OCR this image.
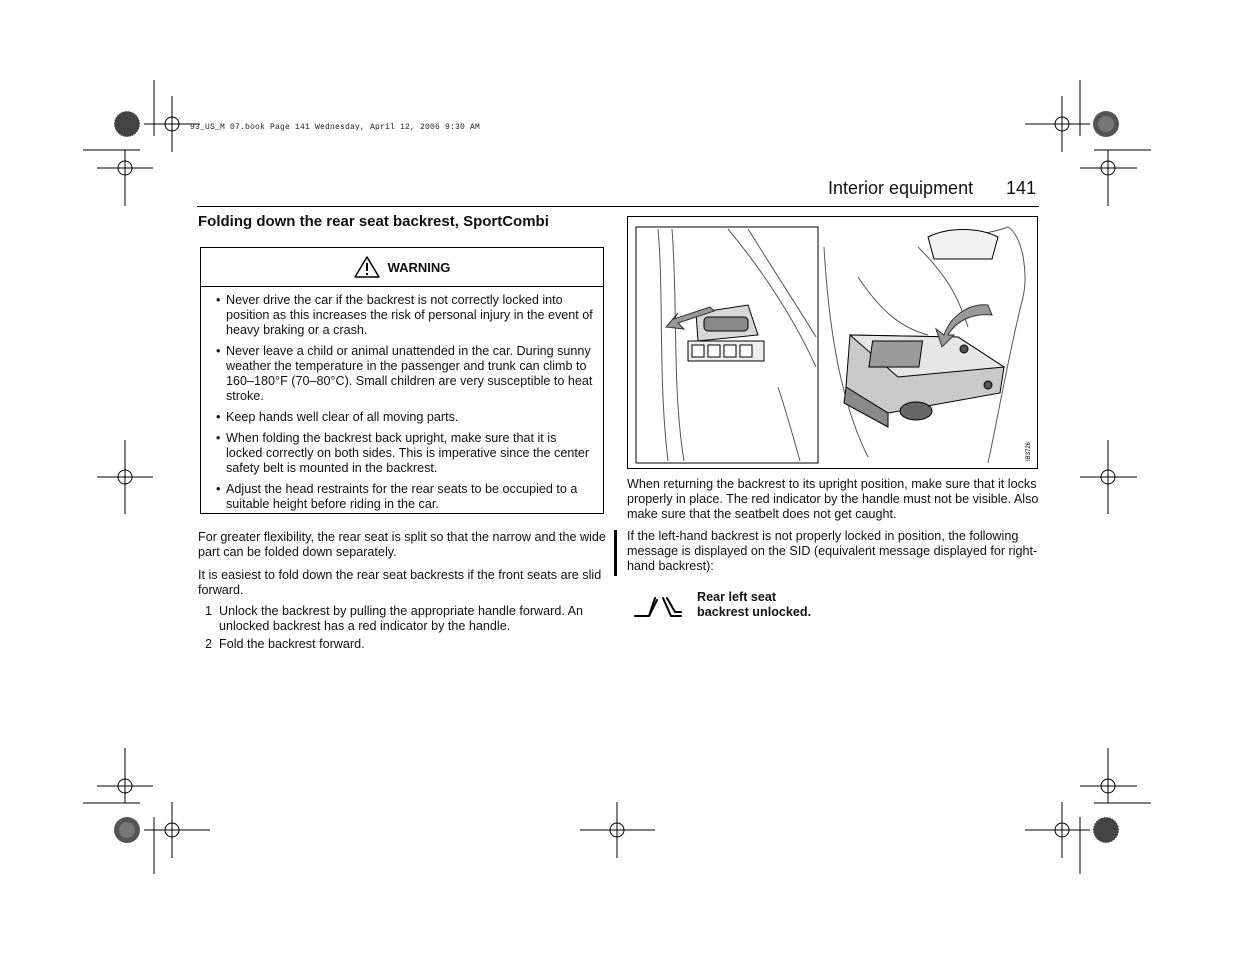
93_US_M 07.book Page 141 Wednesday, April 12, 2006 9:30 AM
Interior equipment 141
Folding down the rear seat backrest, SportCombi
WARNING
• Never drive the car if the backrest is not correctly locked into position as this increases the risk of personal injury in the event of heavy braking or a crash.
• Never leave a child or animal unattended in the car. During sunny weather the temperature in the passenger and trunk can climb to 160–180°F (70–80°C). Small children are very susceptible to heat stroke.
• Keep hands well clear of all moving parts.
• When folding the backrest back upright, make sure that it is locked correctly on both sides. This is imperative since the center safety belt is mounted in the backrest.
• Adjust the head restraints for the rear seats to be occupied to a suitable height before riding in the car.
For greater flexibility, the rear seat is split so that the narrow and the wide part can be folded down separately.
It is easiest to fold down the rear seat backrests if the front seats are slid forward.
1 Unlock the backrest by pulling the appropriate handle forward. An unlocked backrest has a red indicator by the handle.
2 Fold the backrest forward.
IB3726
When returning the backrest to its upright position, make sure that it locks properly in place. The red indicator by the handle must not be visible. Also make sure that the seatbelt does not get caught.
If the left-hand backrest is not properly locked in position, the following message is displayed on the SID (equivalent message displayed for right-hand backrest):
Rear left seat
backrest unlocked.
